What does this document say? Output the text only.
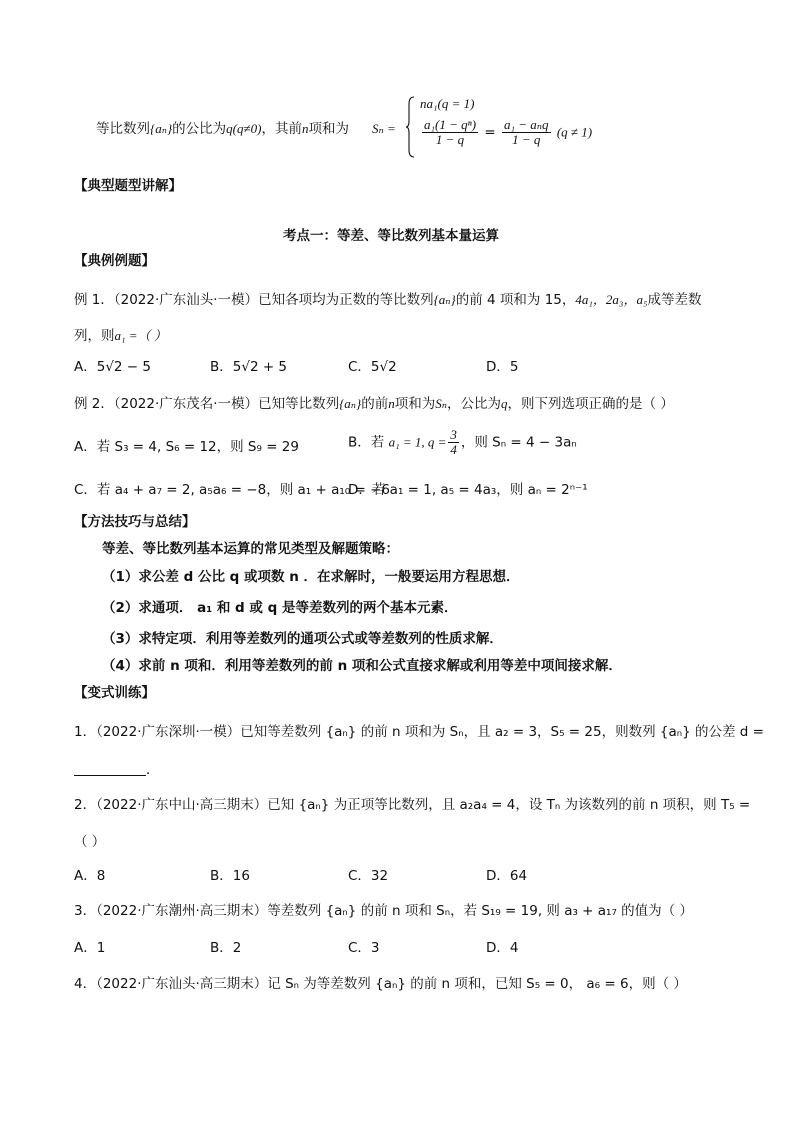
等比数列{aₙ}的公比为q(q≠0)，其前n项和为 Sₙ =
na₁(q = 1)
$\frac{\text{a₁(1 − qⁿ)}}{1 - q} = \frac{\text{a₁ − aₙq}}{1 - q} (q \ne 1)$
【典型题型讲解】
考点一：等差、等比数列基本量运算
【典例例题】
例 1．（2022·广东汕头·一模）已知各项均为正数的等比数列{aₙ}的前 4 项和为 15，4a₁，2a₃，a₅成等差数
列，则a₁ =（ ）
A．5√2 − 5	B．5√2 + 5	C．5√2	D．5
例 2．（2022·广东茂名·一模）已知等比数列{aₙ}的前n项和为Sₙ，公比为q，则下列选项正确的是（ ）
A．若 S₃ = 4, S₆ = 12，则 S₉ = 29	B．若 a₁ = 1, $q = \frac{3}{4}$ ，则 Sₙ = 4 − 3aₙ
C．若 a₄ + a₇ = 2, a₅a₆ = −8，则 a₁ + a₁₀ = −6
D．若 a₁ = 1, a₅ = 4a₃，则 aₙ = 2ⁿ⁻¹
【方法技巧与总结】
等差、等比数列基本运算的常见类型及解题策略：
（1）求公差 d 公比 q 或项数 n ．在求解时，一般要运用方程思想．
（2）求通项． a₁ 和 d 或 q 是等差数列的两个基本元素．
（3）求特定项．利用等差数列的通项公式或等差数列的性质求解．
（4）求前 n 项和．利用等差数列的前 n 项和公式直接求解或利用等差中项间接求解．
【变式训练】
1．（2022·广东深圳·一模）已知等差数列 {aₙ} 的前 n 项和为 Sₙ，且 a₂ = 3，S₅ = 25，则数列 {aₙ} 的公差 d =
．
2．（2022·广东中山·高三期末）已知 {aₙ} 为正项等比数列，且 a₂a₄ = 4，设 Tₙ 为该数列的前 n 项积，则 T₅ =
（ ）
A．8	B．16	C．32	D．64
3．（2022·广东潮州·高三期末）等差数列 {aₙ} 的前 n 项和 Sₙ，若 S₁₉ = 19, 则 a₃ + a₁₇ 的值为（ ）
A．1	B．2	C．3	D．4
4．（2022·广东汕头·高三期末）记 Sₙ 为等差数列 {aₙ} 的前 n 项和，已知 S₅ = 0， a₆ = 6，则（ ）
